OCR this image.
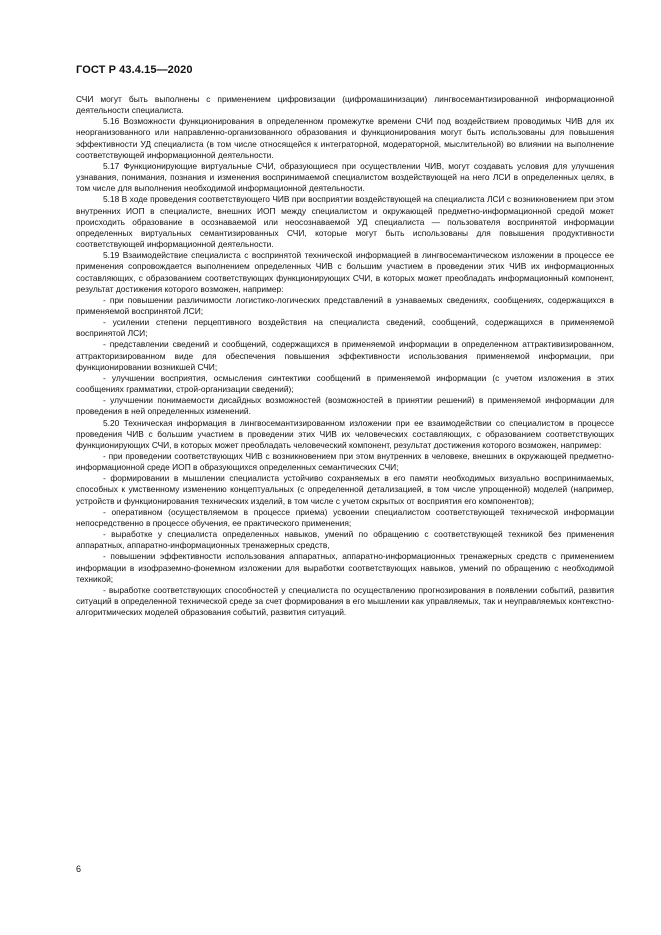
ГОСТ Р 43.4.15—2020

СЧИ могут быть выполнены с применением цифровизации (цифромашинизации) лингвосемантизированной информационной деятельности специалиста.

5.16 Возможности функционирования в определенном промежутке времени СЧИ под воздействием проводимых ЧИВ для их неорганизованного или направленно-организованного образования и функционирования могут быть использованы для повышения эффективности УД специалиста (в том числе относящейся к интеграторной, модераторной, мыслительной) во влиянии на выполнение соответствующей информационной деятельности.

5.17 Функционирующие виртуальные СЧИ, образующиеся при осуществлении ЧИВ, могут создавать условия для улучшения узнавания, понимания, познания и изменения воспринимаемой специалистом воздействующей на него ЛСИ в определенных целях, в том числе для выполнения необходимой информационной деятельности.

5.18 В ходе проведения соответствующего ЧИВ при восприятии воздействующей на специалиста ЛСИ с возникновением при этом внутренних ИОП в специалисте, внешних ИОП между специалистом и окружающей предметно-информационной средой может происходить образование в осознаваемой или неосознаваемой УД специалиста — пользователя воспринятой информации определенных виртуальных семантизированных СЧИ, которые могут быть использованы для повышения продуктивности соответствующей информационной деятельности.

5.19 Взаимодействие специалиста с воспринятой технической информацией в лингвосемантическом изложении в процессе ее применения сопровождается выполнением определенных ЧИВ с большим участием в проведении этих ЧИВ их информационных составляющих, с образованием соответствующих функционирующих СЧИ, в которых может преобладать информационный компонент, результат достижения которого возможен, например:

- при повышении различимости логистико-логических представлений в узнаваемых сведениях, сообщениях, содержащихся в применяемой воспринятой ЛСИ;

- усилении степени перцептивного воздействия на специалиста сведений, сообщений, содержащихся в применяемой воспринятой ЛСИ;

- представлении сведений и сообщений, содержащихся в применяемой информации в определенном аттрактивизированном, аттракторизированном виде для обеспечения повышения эффективности использования применяемой информации, при функционировании возникшей СЧИ;

- улучшении восприятия, осмысления синтектики сообщений в применяемой информации (с учетом изложения в этих сообщениях грамматики, строй-организации сведений);

- улучшении понимаемости дисайдных возможностей (возможностей в принятии решений) в применяемой информации для проведения в ней определенных изменений.

5.20 Техническая информация в лингвосемантизированном изложении при ее взаимодействии со специалистом в процессе проведения ЧИВ с большим участием в проведении этих ЧИВ их человеческих составляющих, с образованием соответствующих функционирующих СЧИ, в которых может преобладать человеческий компонент, результат достижения которого возможен, например:

- при проведении соответствующих ЧИВ с возникновением при этом внутренних в человеке, внешних в окружающей предметно-информационной среде ИОП в образующихся определенных семантических СЧИ;

- формировании в мышлении специалиста устойчиво сохраняемых в его памяти необходимых визуально воспринимаемых, способных к умственному изменению концептуальных (с определенной детализацией, в том числе упрощенной) моделей (например, устройств и функционирования технических изделий, в том числе с учетом скрытых от восприятия его компонентов);

- оперативном (осуществляемом в процессе приема) усвоении специалистом соответствующей технической информации непосредственно в процессе обучения, ее практического применения;

- выработке у специалиста определенных навыков, умений по обращению с соответствующей техникой без применения аппаратных, аппаратно-информационных тренажерных средств,

- повышении эффективности использования аппаратных, аппаратно-информационных тренажерных средств с применением информации в изофраземно-фонемном изложении для выработки соответствующих навыков, умений по обращению с необходимой техникой;

- выработке соответствующих способностей у специалиста по осуществлению прогнозирования в появлении событий, развития ситуаций в определенной технической среде за счет формирования в его мышлении как управляемых, так и неуправляемых контекстно-алгоритмических моделей образования событий, развития ситуаций.

6
